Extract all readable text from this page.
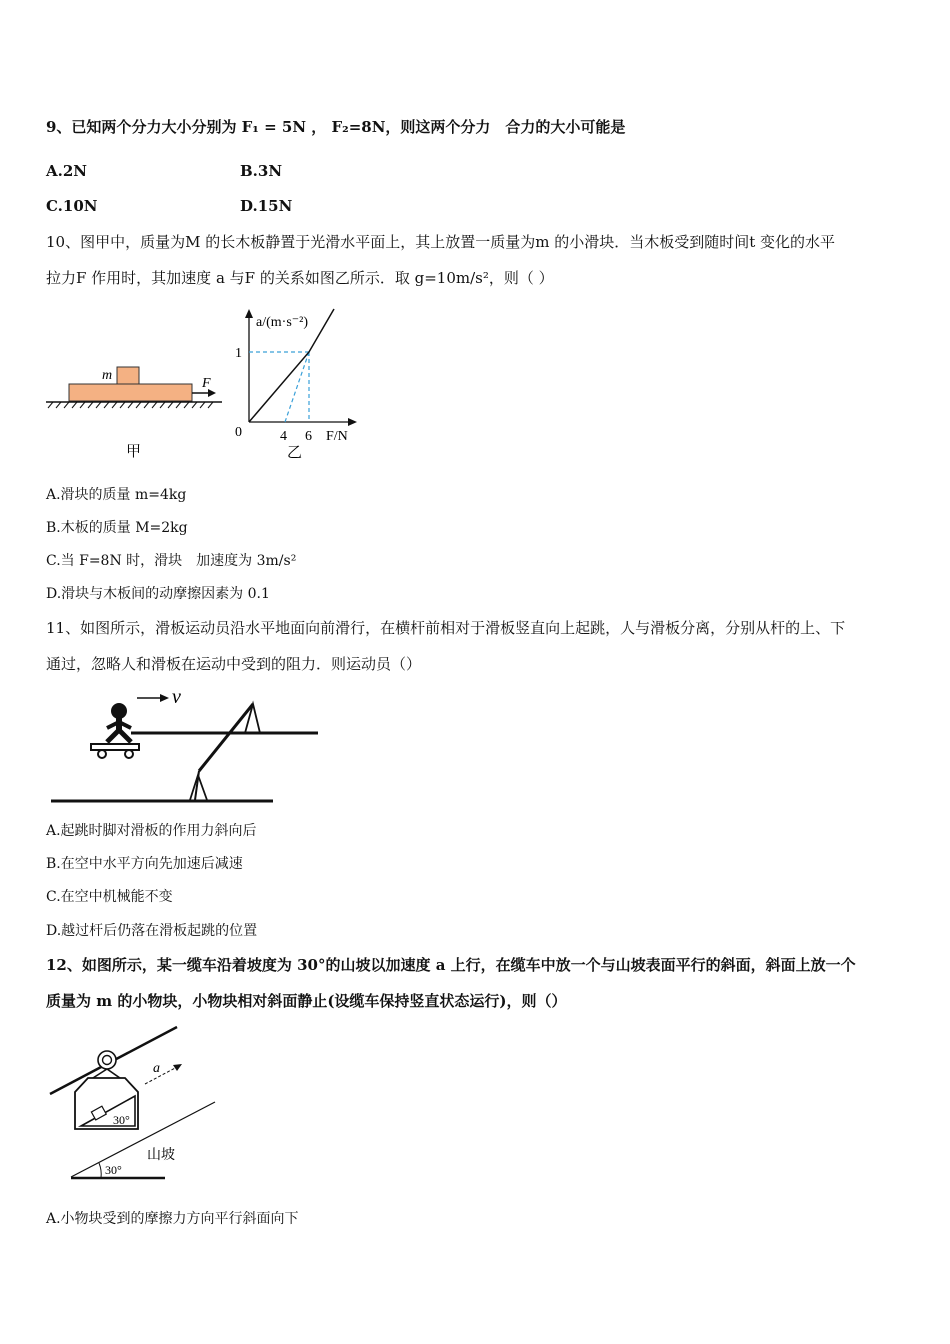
9、已知两个分力大小分别为 F₁ = 5N ， F₂=8N，则这两个分力　合力的大小可能是
A.2N	B.3N
C.10N	D.15N
10、图甲中，质量为M 的长木板静置于光滑水平面上，其上放置一质量为m 的小滑块．当木板受到随时间t 变化的水平
拉力F 作用时，其加速度 a 与F 的关系如图乙所示．取 g=10m/s²，则（ ）
m
F
甲
a/(m·s⁻²)
1
0	4 6 F/N
乙
A.滑块的质量 m=4kg
B.木板的质量 M=2kg
C.当 F=8N 时，滑块　加速度为 3m/s²
D.滑块与木板间的动摩擦因素为 0.1
11、如图所示，滑板运动员沿水平地面向前滑行，在横杆前相对于滑板竖直向上起跳，人与滑板分离，分别从杆的上、下
通过，忽略人和滑板在运动中受到的阻力．则运动员（）
v
A.起跳时脚对滑板的作用力斜向后
B.在空中水平方向先加速后减速
C.在空中机械能不变
D.越过杆后仍落在滑板起跳的位置
12、如图所示，某一缆车沿着坡度为 30°的山坡以加速度 a 上行，在缆车中放一个与山坡表面平行的斜面，斜面上放一个
质量为 m 的小物块，小物块相对斜面静止(设缆车保持竖直状态运行)，则（）
30°
a
30°
山坡
A.小物块受到的摩擦力方向平行斜面向下
